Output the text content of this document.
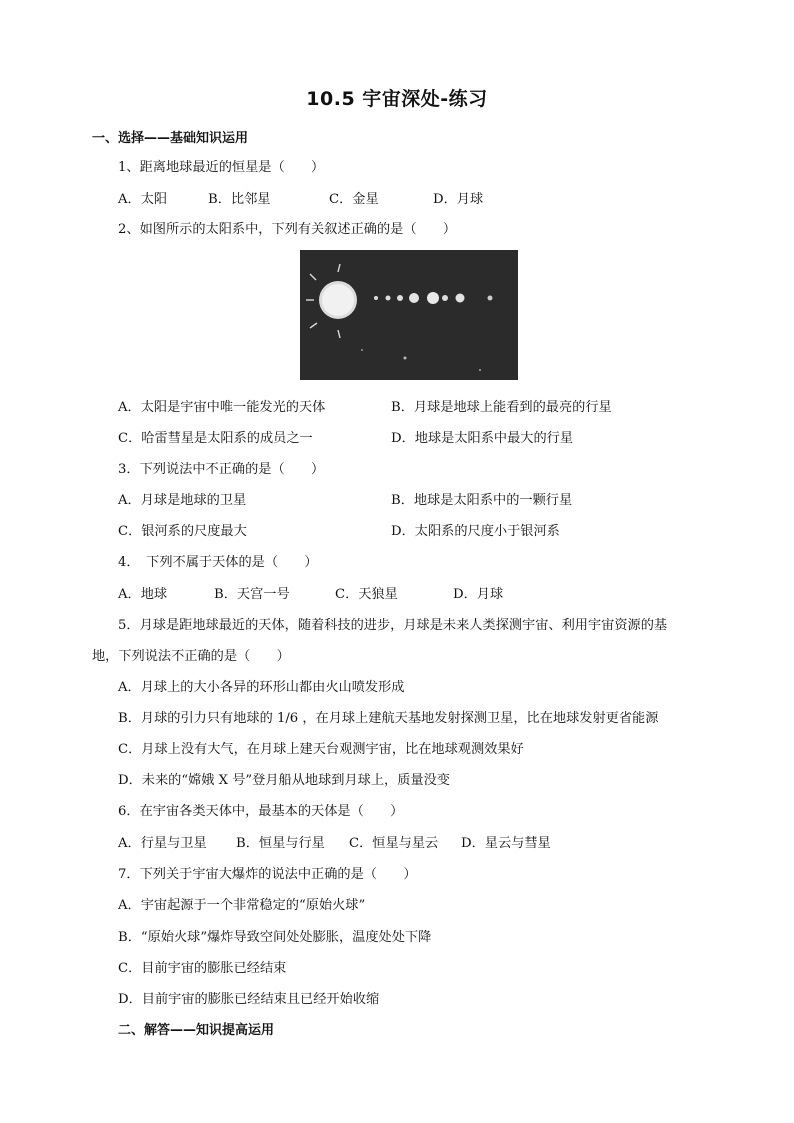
10.5 宇宙深处-练习
一、选择——基础知识运用
1、距离地球最近的恒星是（　　）
A．太阳	B．比邻星	C．金星	D．月球
2、如图所示的太阳系中，下列有关叙述正确的是（　　）
A．太阳是宇宙中唯一能发光的天体	B．月球是地球上能看到的最亮的行星
C．哈雷彗星是太阳系的成员之一	D．地球是太阳系中最大的行星
3．下列说法中不正确的是（　　）
A．月球是地球的卫星	B．地球是太阳系中的一颗行星
C．银河系的尺度最大	D．太阳系的尺度小于银河系
4．　下列不属于天体的是（　　）
A．地球	B．天宫一号	C．天狼星	D．月球
5．月球是距地球最近的天体，随着科技的进步，月球是未来人类探测宇宙、利用宇宙资源的基
地，下列说法不正确的是（　　）
A．月球上的大小各异的环形山都由火山喷发形成
B．月球的引力只有地球的 1/6 ，在月球上建航天基地发射探测卫星，比在地球发射更省能源
C．月球上没有大气，在月球上建天台观测宇宙，比在地球观测效果好
D．未来的“嫦娥 X 号”登月船从地球到月球上，质量没变
6．在宇宙各类天体中，最基本的天体是（　　）
A．行星与卫星 B．恒星与行星 C．恒星与星云 D．星云与彗星
7．下列关于宇宙大爆炸的说法中正确的是（　　）
A．宇宙起源于一个非常稳定的“原始火球”
B．“原始火球”爆炸导致空间处处膨胀，温度处处下降
C．目前宇宙的膨胀已经结束
D．目前宇宙的膨胀已经结束且已经开始收缩
二、解答——知识提高运用
